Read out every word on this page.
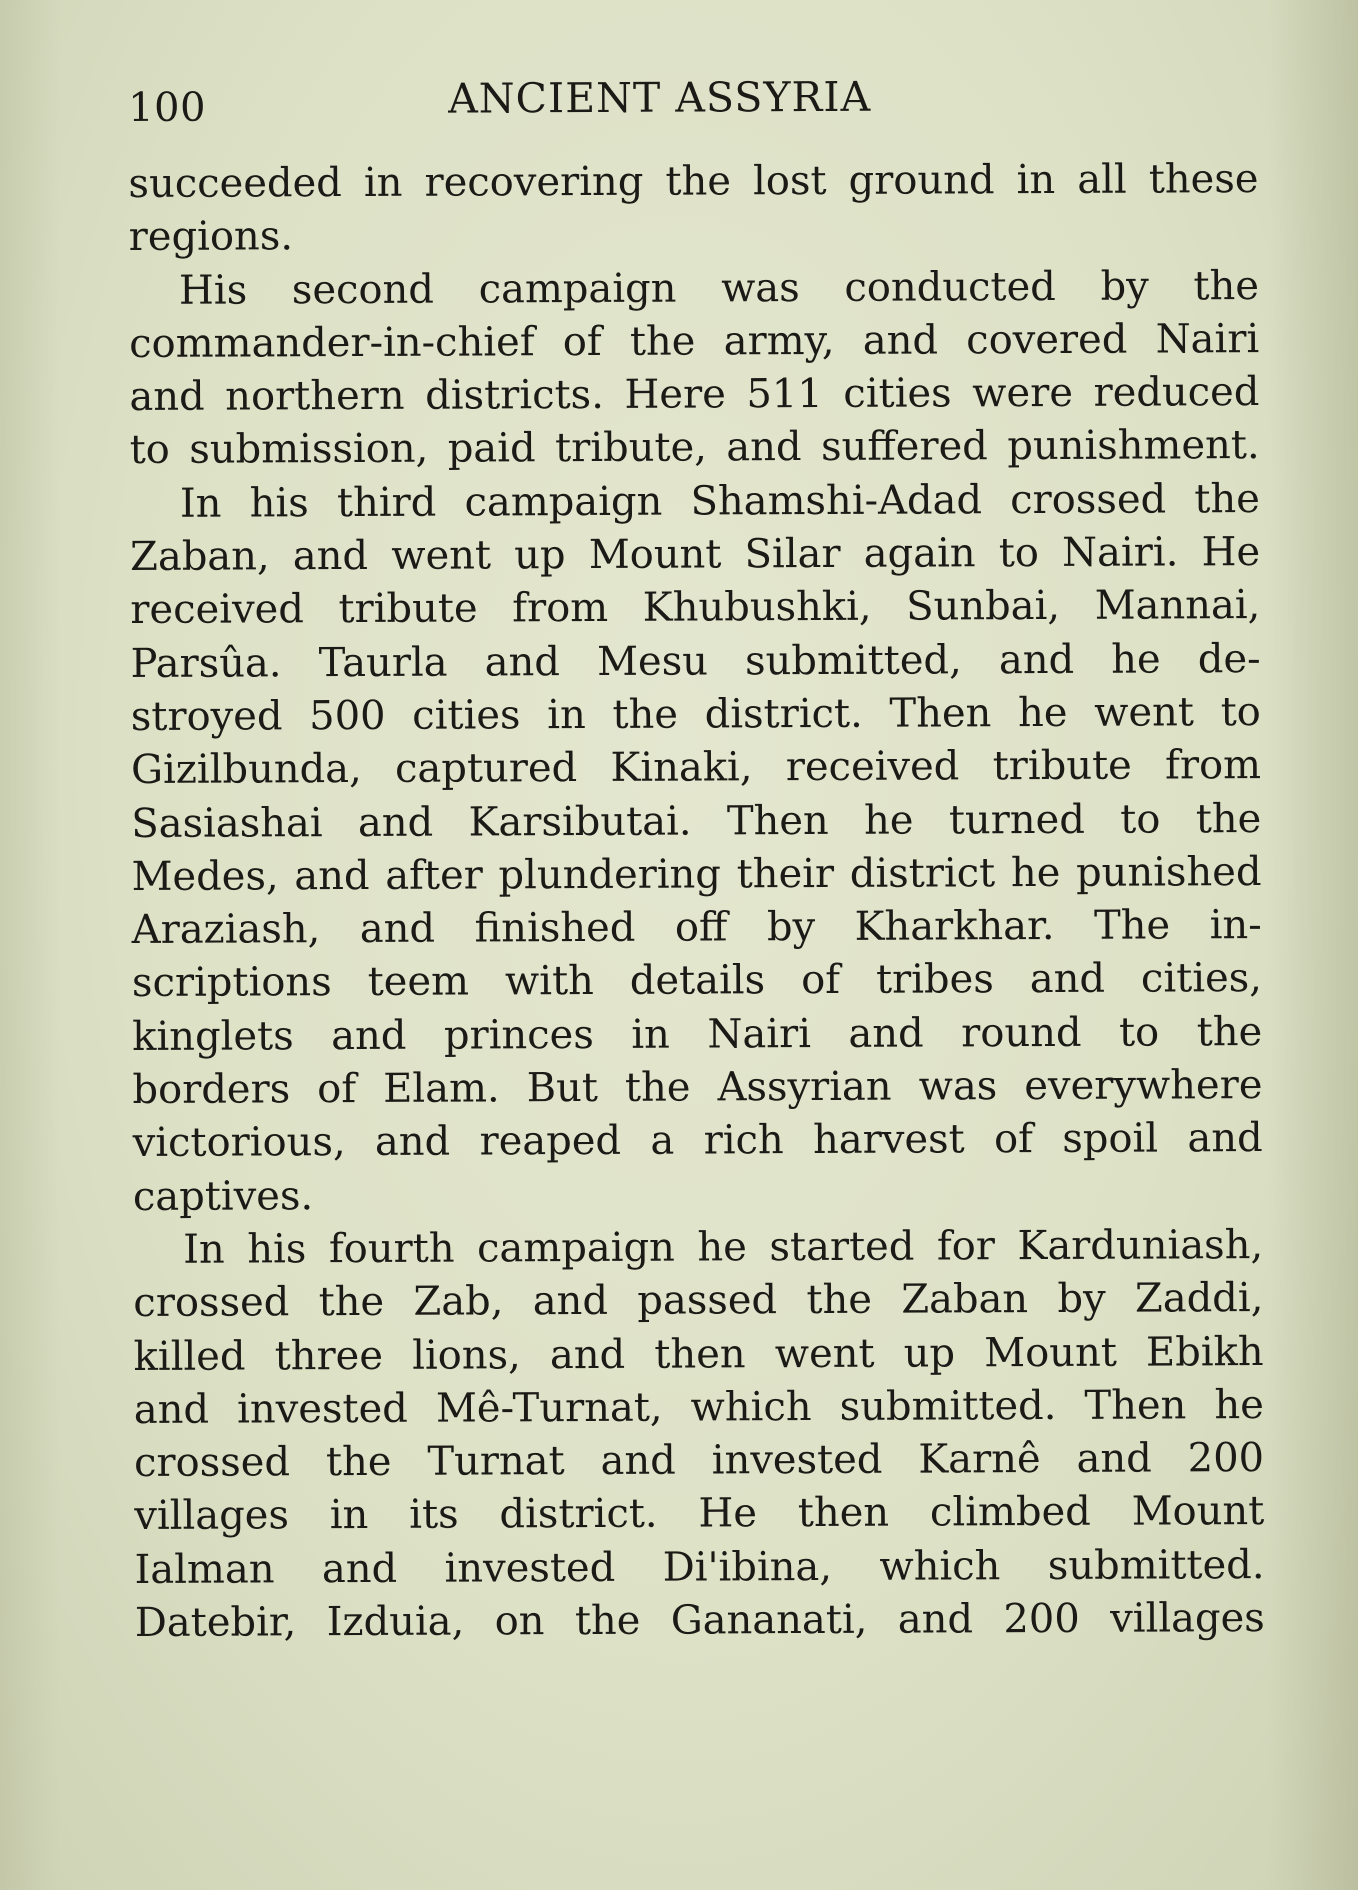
100	ANCIENT ASSYRIA
succeeded in recovering the lost ground in all these
regions.
His second campaign was conducted by the
commander-in-chief of the army, and covered Nairi
and northern districts. Here 511 cities were reduced
to submission, paid tribute, and suffered punishment.
In his third campaign Shamshi-Adad crossed the
Zaban, and went up Mount Silar again to Nairi. He
received tribute from Khubushki, Sunbai, Mannai,
Parsûa. Taurla and Mesu submitted, and he de-
stroyed 500 cities in the district. Then he went to
Gizilbunda, captured Kinaki, received tribute from
Sasiashai and Karsibutai. Then he turned to the
Medes, and after plundering their district he punished
Araziash, and finished off by Kharkhar. The in-
scriptions teem with details of tribes and cities,
kinglets and princes in Nairi and round to the
borders of Elam. But the Assyrian was everywhere
victorious, and reaped a rich harvest of spoil and
captives.
In his fourth campaign he started for Karduniash,
crossed the Zab, and passed the Zaban by Zaddi,
killed three lions, and then went up Mount Ebikh
and invested Mê-Turnat, which submitted. Then he
crossed the Turnat and invested Karnê and 200
villages in its district. He then climbed Mount
Ialman and invested Di'ibina, which submitted.
Datebir, Izduia, on the Gananati, and 200 villages
